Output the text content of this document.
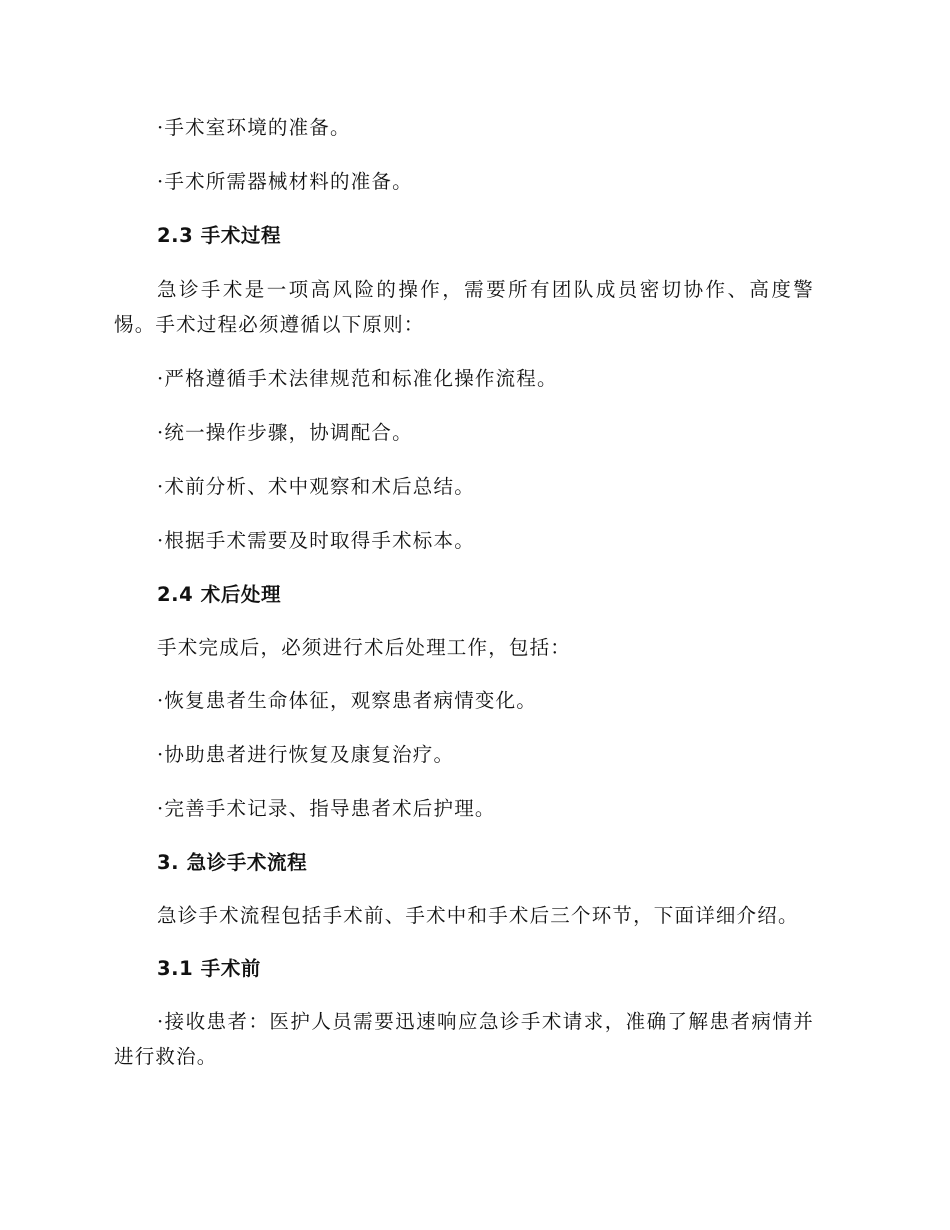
·手术室环境的准备。
·手术所需器械材料的准备。
2.3 手术过程
急诊手术是一项高风险的操作，需要所有团队成员密切协作、高度警惕。手术过程必须遵循以下原则：
·严格遵循手术法律规范和标准化操作流程。
·统一操作步骤，协调配合。
·术前分析、术中观察和术后总结。
·根据手术需要及时取得手术标本。
2.4 术后处理
手术完成后，必须进行术后处理工作，包括：
·恢复患者生命体征，观察患者病情变化。
·协助患者进行恢复及康复治疗。
·完善手术记录、指导患者术后护理。
3. 急诊手术流程
急诊手术流程包括手术前、手术中和手术后三个环节，下面详细介绍。
3.1 手术前
·接收患者：医护人员需要迅速响应急诊手术请求，准确了解患者病情并进行救治。
